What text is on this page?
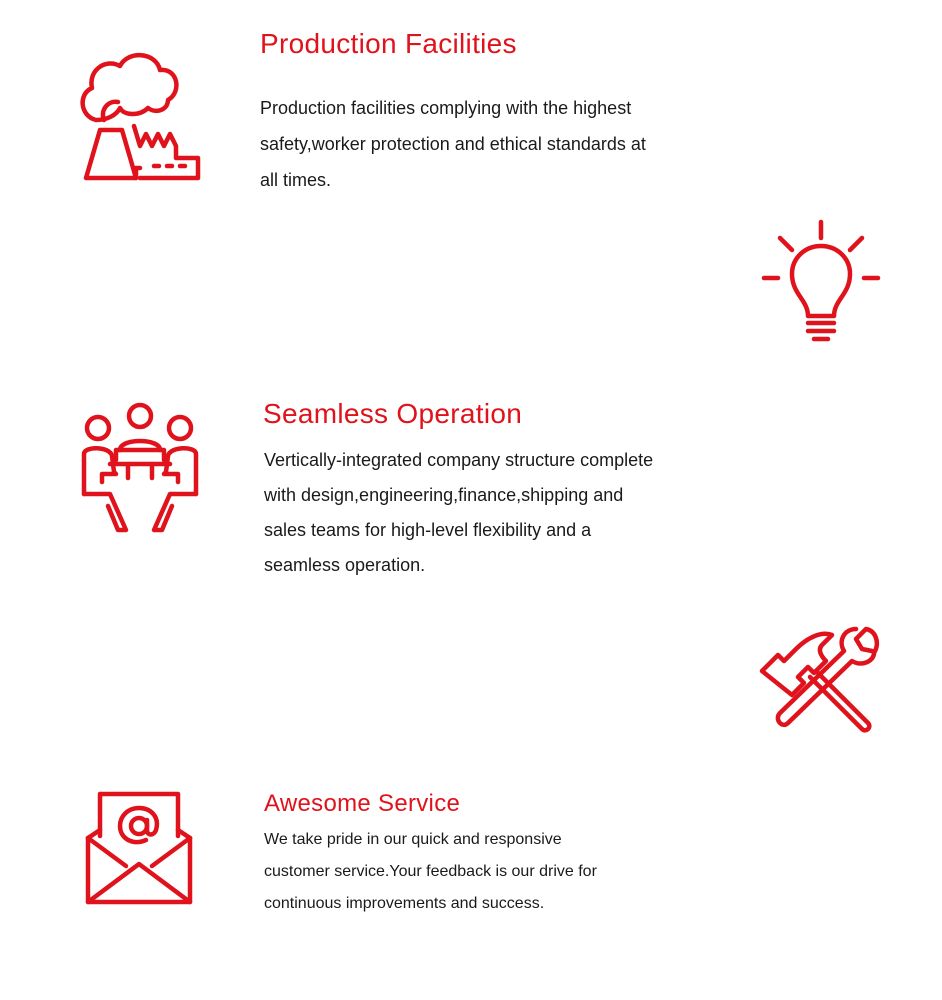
Production Facilities
Production facilities complying with the highest
safety,worker protection and ethical standards at
all times.
Seamless Operation
Vertically-integrated company structure complete
with design,engineering,finance,shipping and
sales teams for high-level flexibility and a
seamless operation.
Awesome Service
We take pride in our quick and responsive
customer service.Your feedback is our drive for
continuous improvements and success.
